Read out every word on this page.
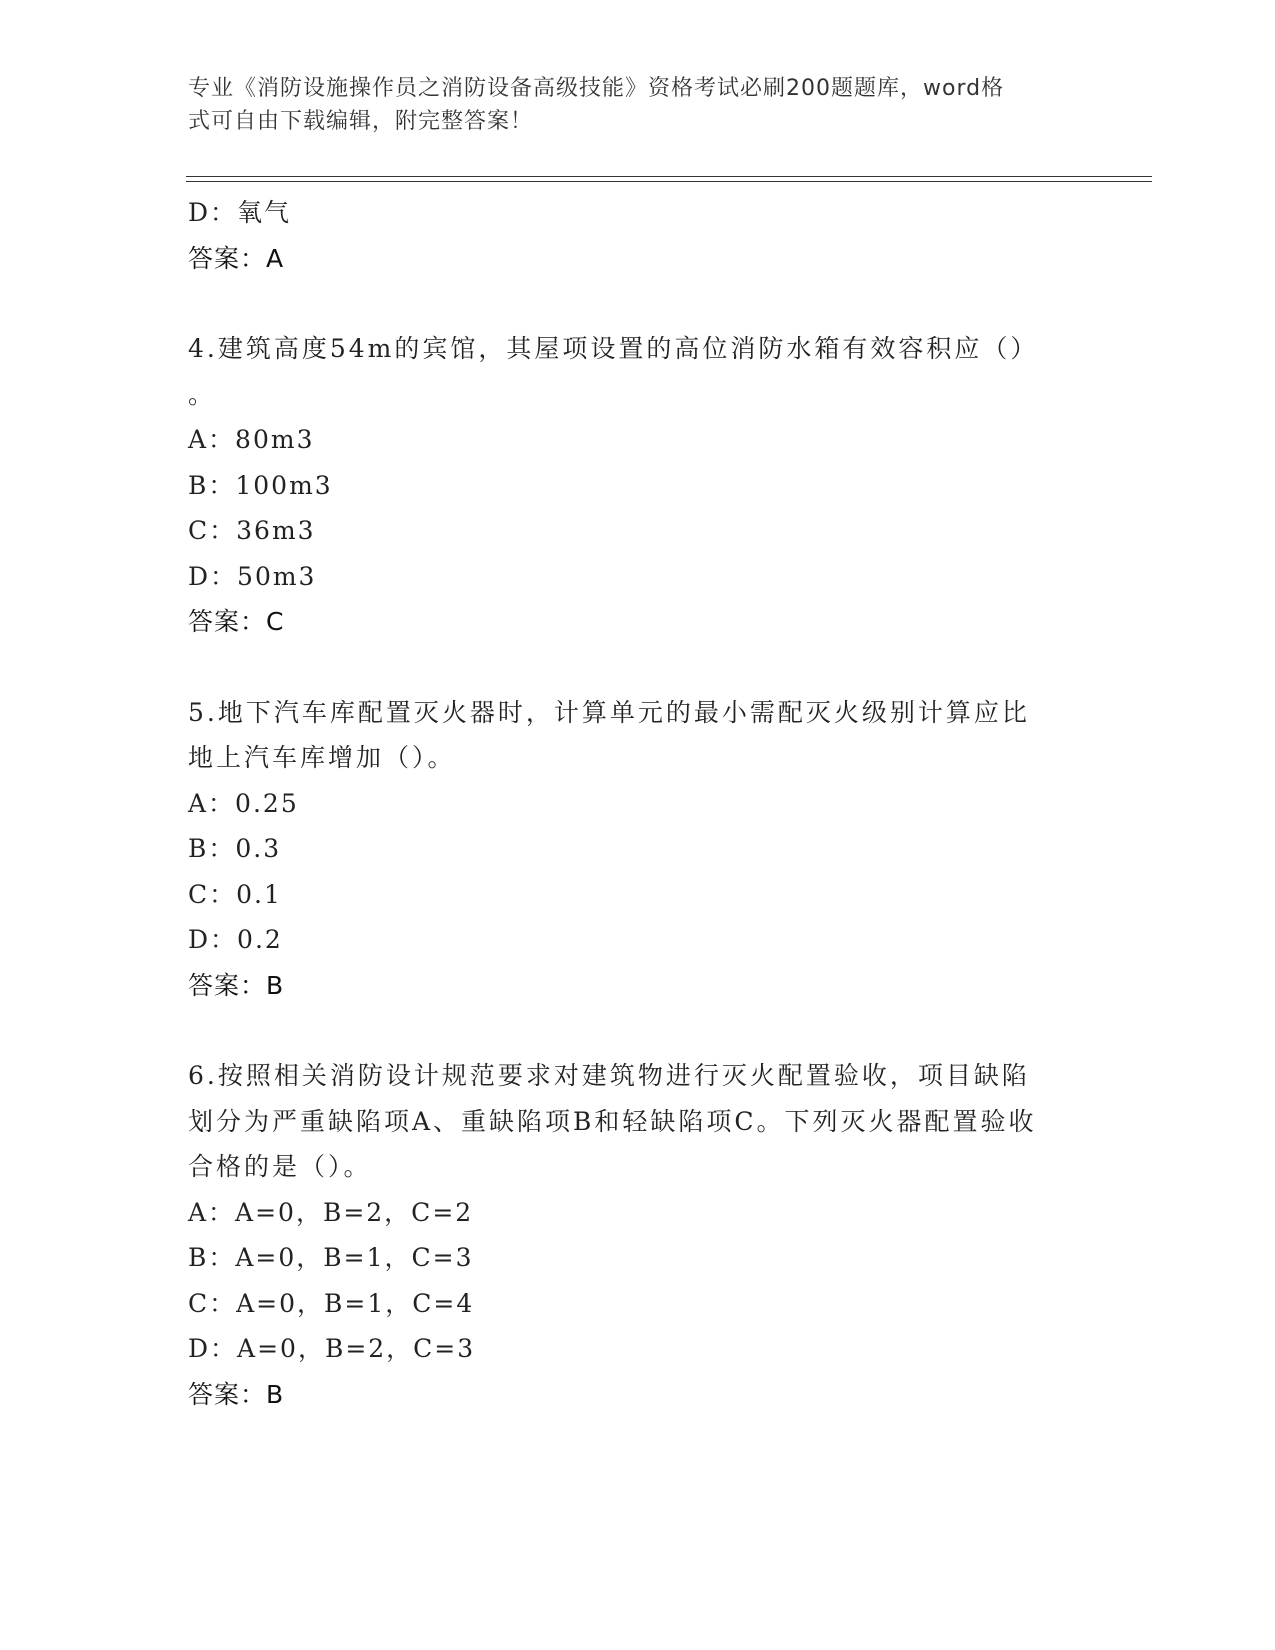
专业《消防设施操作员之消防设备高级技能》资格考试必刷200题题库，word格
式可自由下载编辑，附完整答案！

D：氧气

答案：A

4.建筑高度54m的宾馆，其屋项设置的高位消防水箱有效容积应（）

。

A：80m3

B：100m3

C：36m3

D：50m3

答案：C

5.地下汽车库配置灭火器时，计算单元的最小需配灭火级别计算应比

地上汽车库增加（）。

A：0.25

B：0.3

C：0.1

D：0.2

答案：B

6.按照相关消防设计规范要求对建筑物进行灭火配置验收，项目缺陷

划分为严重缺陷项A、重缺陷项B和轻缺陷项C。下列灭火器配置验收

合格的是（）。

A：A=0，B=2，C=2

B：A=0，B=1，C=3

C：A=0，B=1，C=4

D：A=0，B=2，C=3

答案：B
